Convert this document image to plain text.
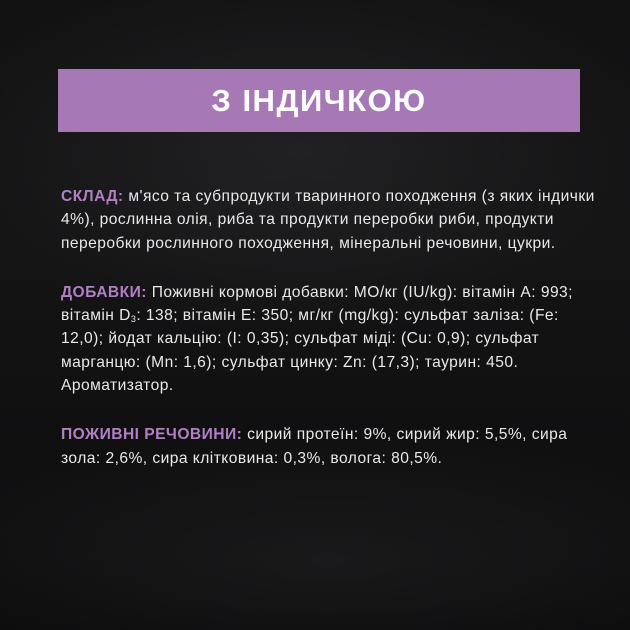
З ІНДИЧКОЮ

СКЛАД: м'ясо та субпродукти тваринного походження (з яких індички 4%), рослинна олія, риба та продукти переробки риби, продукти переробки рослинного походження, мінеральні речовини, цукри.

ДОБАВКИ: Поживні кормові добавки: МО/кг (IU/kg): вітамін А: 993; вітамін $D_3$: 138; вітамін Е: 350; мг/кг (mg/kg): сульфат заліза: (Fe: 12,0); йодат кальцію: (I: 0,35); сульфат міді: (Cu: 0,9); сульфат марганцю: (Mn: 1,6); сульфат цинку: Zn: (17,3); таурин: 450.
Ароматизатор.

ПОЖИВНІ РЕЧОВИНИ: сирий протеїн: 9%, сирий жир: 5,5%, сира зола: 2,6%, сира клітковина: 0,3%, волога: 80,5%.
